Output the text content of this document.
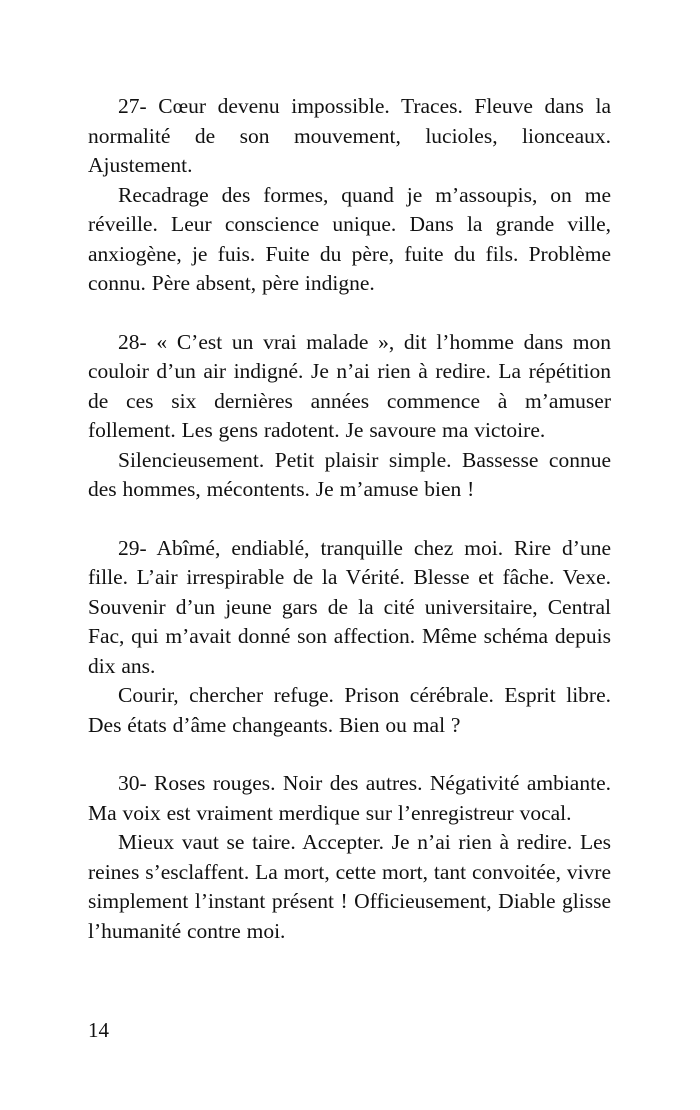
27- Cœur devenu impossible. Traces. Fleuve dans la normalité de son mouvement, lucioles, lionceaux. Ajustement.

Recadrage des formes, quand je m’assoupis, on me réveille. Leur conscience unique. Dans la grande ville, anxiogène, je fuis. Fuite du père, fuite du fils. Problème connu. Père absent, père indigne.

28- « C’est un vrai malade », dit l’homme dans mon couloir d’un air indigné. Je n’ai rien à redire. La répétition de ces six dernières années commence à m’amuser follement. Les gens radotent. Je savoure ma victoire.

Silencieusement. Petit plaisir simple. Bassesse connue des hommes, mécontents. Je m’amuse bien !

29- Abîmé, endiablé, tranquille chez moi. Rire d’une fille. L’air irrespirable de la Vérité. Blesse et fâche. Vexe. Souvenir d’un jeune gars de la cité universitaire, Central Fac, qui m’avait donné son affection. Même schéma depuis dix ans.

Courir, chercher refuge. Prison cérébrale. Esprit libre. Des états d’âme changeants. Bien ou mal ?

30- Roses rouges. Noir des autres. Négativité ambiante. Ma voix est vraiment merdique sur l’enregistreur vocal.

Mieux vaut se taire. Accepter. Je n’ai rien à redire. Les reines s’esclaffent. La mort, cette mort, tant convoitée, vivre simplement l’instant présent ! Officieusement, Diable glisse l’humanité contre moi.

14
